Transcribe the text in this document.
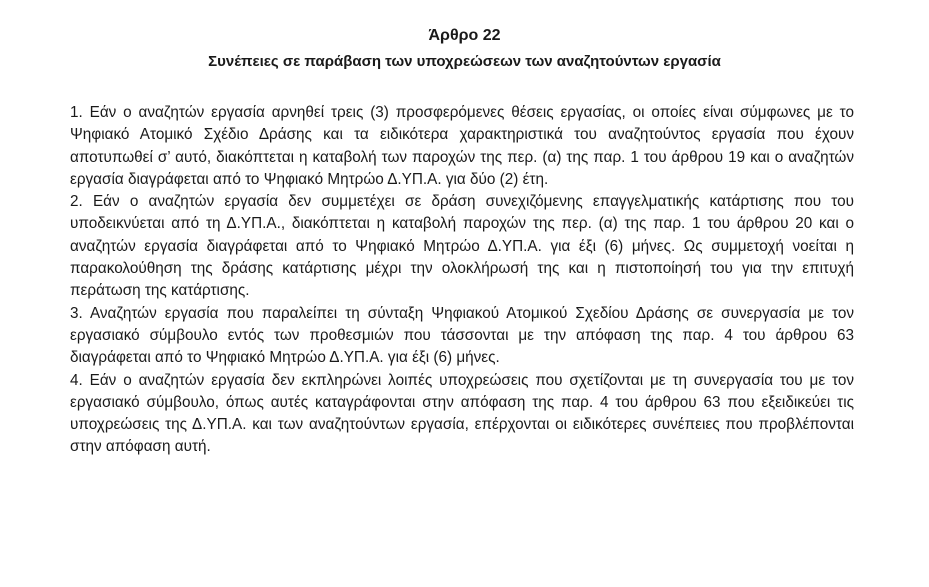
Άρθρο 22
Συνέπειες σε παράβαση των υποχρεώσεων των αναζητούντων εργασία

1. Εάν ο αναζητών εργασία αρνηθεί τρεις (3) προσφερόμενες θέσεις εργασίας, οι οποίες είναι σύμφωνες με το Ψηφιακό Ατομικό Σχέδιο Δράσης και τα ειδικότερα χαρακτηριστικά του αναζητούντος εργασία που έχουν αποτυπωθεί σ’ αυτό, διακόπτεται η καταβολή των παροχών της περ. (α) της παρ. 1 του άρθρου 19 και ο αναζητών εργασία διαγράφεται από το Ψηφιακό Μητρώο Δ.ΥΠ.Α. για δύο (2) έτη.

2. Εάν ο αναζητών εργασία δεν συμμετέχει σε δράση συνεχιζόμενης επαγγελματικής κατάρτισης που του υποδεικνύεται από τη Δ.ΥΠ.Α., διακόπτεται η καταβολή παροχών της περ. (α) της παρ. 1 του άρθρου 20 και ο αναζητών εργασία διαγράφεται από το Ψηφιακό Μητρώο Δ.ΥΠ.Α. για έξι (6) μήνες. Ως συμμετοχή νοείται η παρακολούθηση της δράσης κατάρτισης μέχρι την ολοκλήρωσή της και η πιστοποίησή του για την επιτυχή περάτωση της κατάρτισης.

3. Αναζητών εργασία που παραλείπει τη σύνταξη Ψηφιακού Ατομικού Σχεδίου Δράσης σε συνεργασία με τον εργασιακό σύμβουλο εντός των προθεσμιών που τάσσονται με την απόφαση της παρ. 4 του άρθρου 63 διαγράφεται από το Ψηφιακό Μητρώο Δ.ΥΠ.Α. για έξι (6) μήνες.

4. Εάν ο αναζητών εργασία δεν εκπληρώνει λοιπές υποχρεώσεις που σχετίζονται με τη συνεργασία του με τον εργασιακό σύμβουλο, όπως αυτές καταγράφονται στην απόφαση της παρ. 4 του άρθρου 63 που εξειδικεύει τις υποχρεώσεις της Δ.ΥΠ.Α. και των αναζητούντων εργασία, επέρχονται οι ειδικότερες συνέπειες που προβλέπονται στην απόφαση αυτή.
